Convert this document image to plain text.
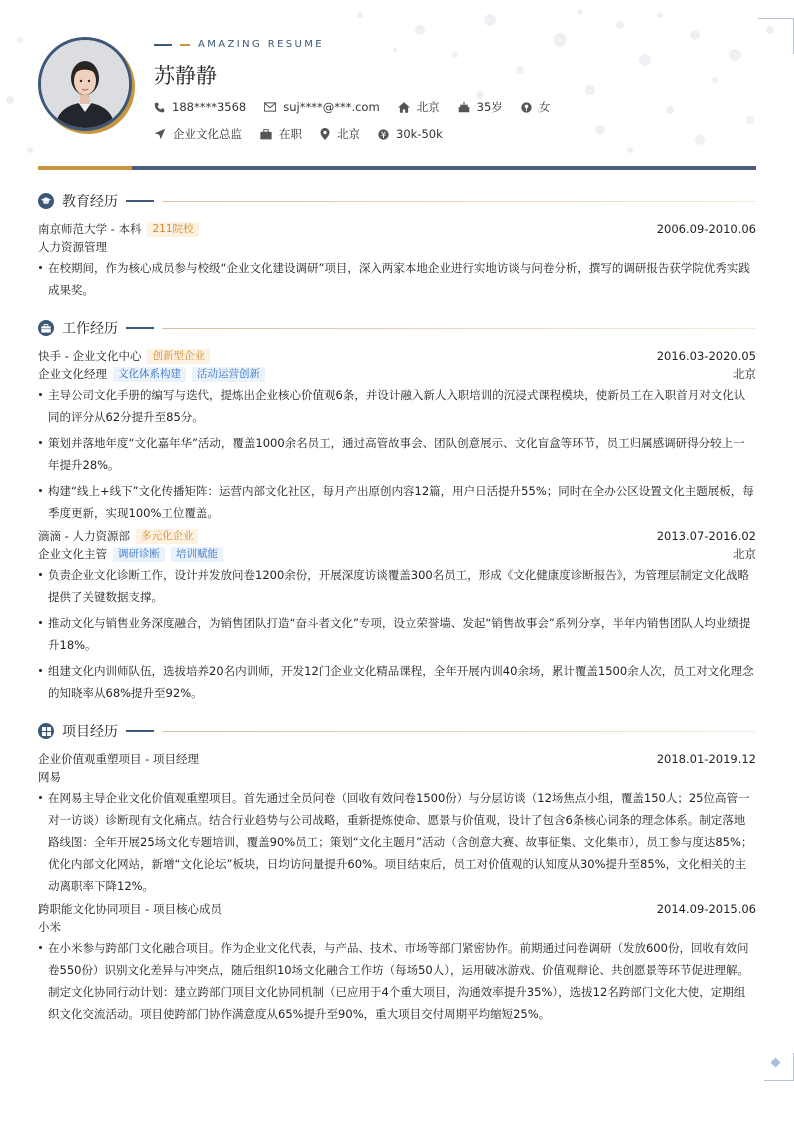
AMAZING RESUME
苏静静
188****3568	suj****@***.com	北京	35岁	女
企业文化总监	在职	北京	30k-50k
教育经历
南京师范大学 - 本科	211院校	2006.09-2010.06
人力资源管理
在校期间，作为核心成员参与校级“企业文化建设调研”项目，深入两家本地企业进行实地访谈与问卷分析，撰写的调研报告获学院优秀实践成果奖。
工作经历
快手 - 企业文化中心	创新型企业	2016.03-2020.05
企业文化经理	文化体系构建	活动运营创新	北京
主导公司文化手册的编写与迭代，提炼出企业核心价值观6条，并设计融入新人入职培训的沉浸式课程模块，使新员工在入职首月对文化认同的评分从62分提升至85分。
策划并落地年度“文化嘉年华”活动，覆盖1000余名员工，通过高管故事会、团队创意展示、文化盲盒等环节，员工归属感调研得分较上一年提升28%。
构建“线上+线下”文化传播矩阵：运营内部文化社区，每月产出原创内容12篇，用户日活提升55%；同时在全办公区设置文化主题展板，每季度更新，实现100%工位覆盖。
滴滴 - 人力资源部	多元化企业	2013.07-2016.02
企业文化主管	调研诊断	培训赋能	北京
负责企业文化诊断工作，设计并发放问卷1200余份，开展深度访谈覆盖300名员工，形成《文化健康度诊断报告》，为管理层制定文化战略提供了关键数据支撑。
推动文化与销售业务深度融合，为销售团队打造“奋斗者文化”专项，设立荣誉墙、发起“销售故事会”系列分享，半年内销售团队人均业绩提升18%。
组建文化内训师队伍，选拔培养20名内训师，开发12门企业文化精品课程，全年开展内训40余场，累计覆盖1500余人次，员工对文化理念的知晓率从68%提升至92%。
项目经历
企业价值观重塑项目 - 项目经理	2018.01-2019.12
网易
在网易主导企业文化价值观重塑项目。首先通过全员问卷（回收有效问卷1500份）与分层访谈（12场焦点小组，覆盖150人；25位高管一对一访谈）诊断现有文化痛点。结合行业趋势与公司战略，重新提炼使命、愿景与价值观，设计了包含6条核心词条的理念体系。制定落地路线图：全年开展25场文化专题培训，覆盖90%员工；策划“文化主题月”活动（含创意大赛、故事征集、文化集市），员工参与度达85%；优化内部文化网站，新增“文化论坛”板块，日均访问量提升60%。项目结束后，员工对价值观的认知度从30%提升至85%，文化相关的主动离职率下降12%。
跨职能文化协同项目 - 项目核心成员	2014.09-2015.06
小米
在小米参与跨部门文化融合项目。作为企业文化代表，与产品、技术、市场等部门紧密协作。前期通过问卷调研（发放600份，回收有效问卷550份）识别文化差异与冲突点，随后组织10场文化融合工作坊（每场50人），运用破冰游戏、价值观辩论、共创愿景等环节促进理解。制定文化协同行动计划：建立跨部门项目文化协同机制（已应用于4个重大项目，沟通效率提升35%），选拔12名跨部门文化大使，定期组织文化交流活动。项目使跨部门协作满意度从65%提升至90%，重大项目交付周期平均缩短25%。
